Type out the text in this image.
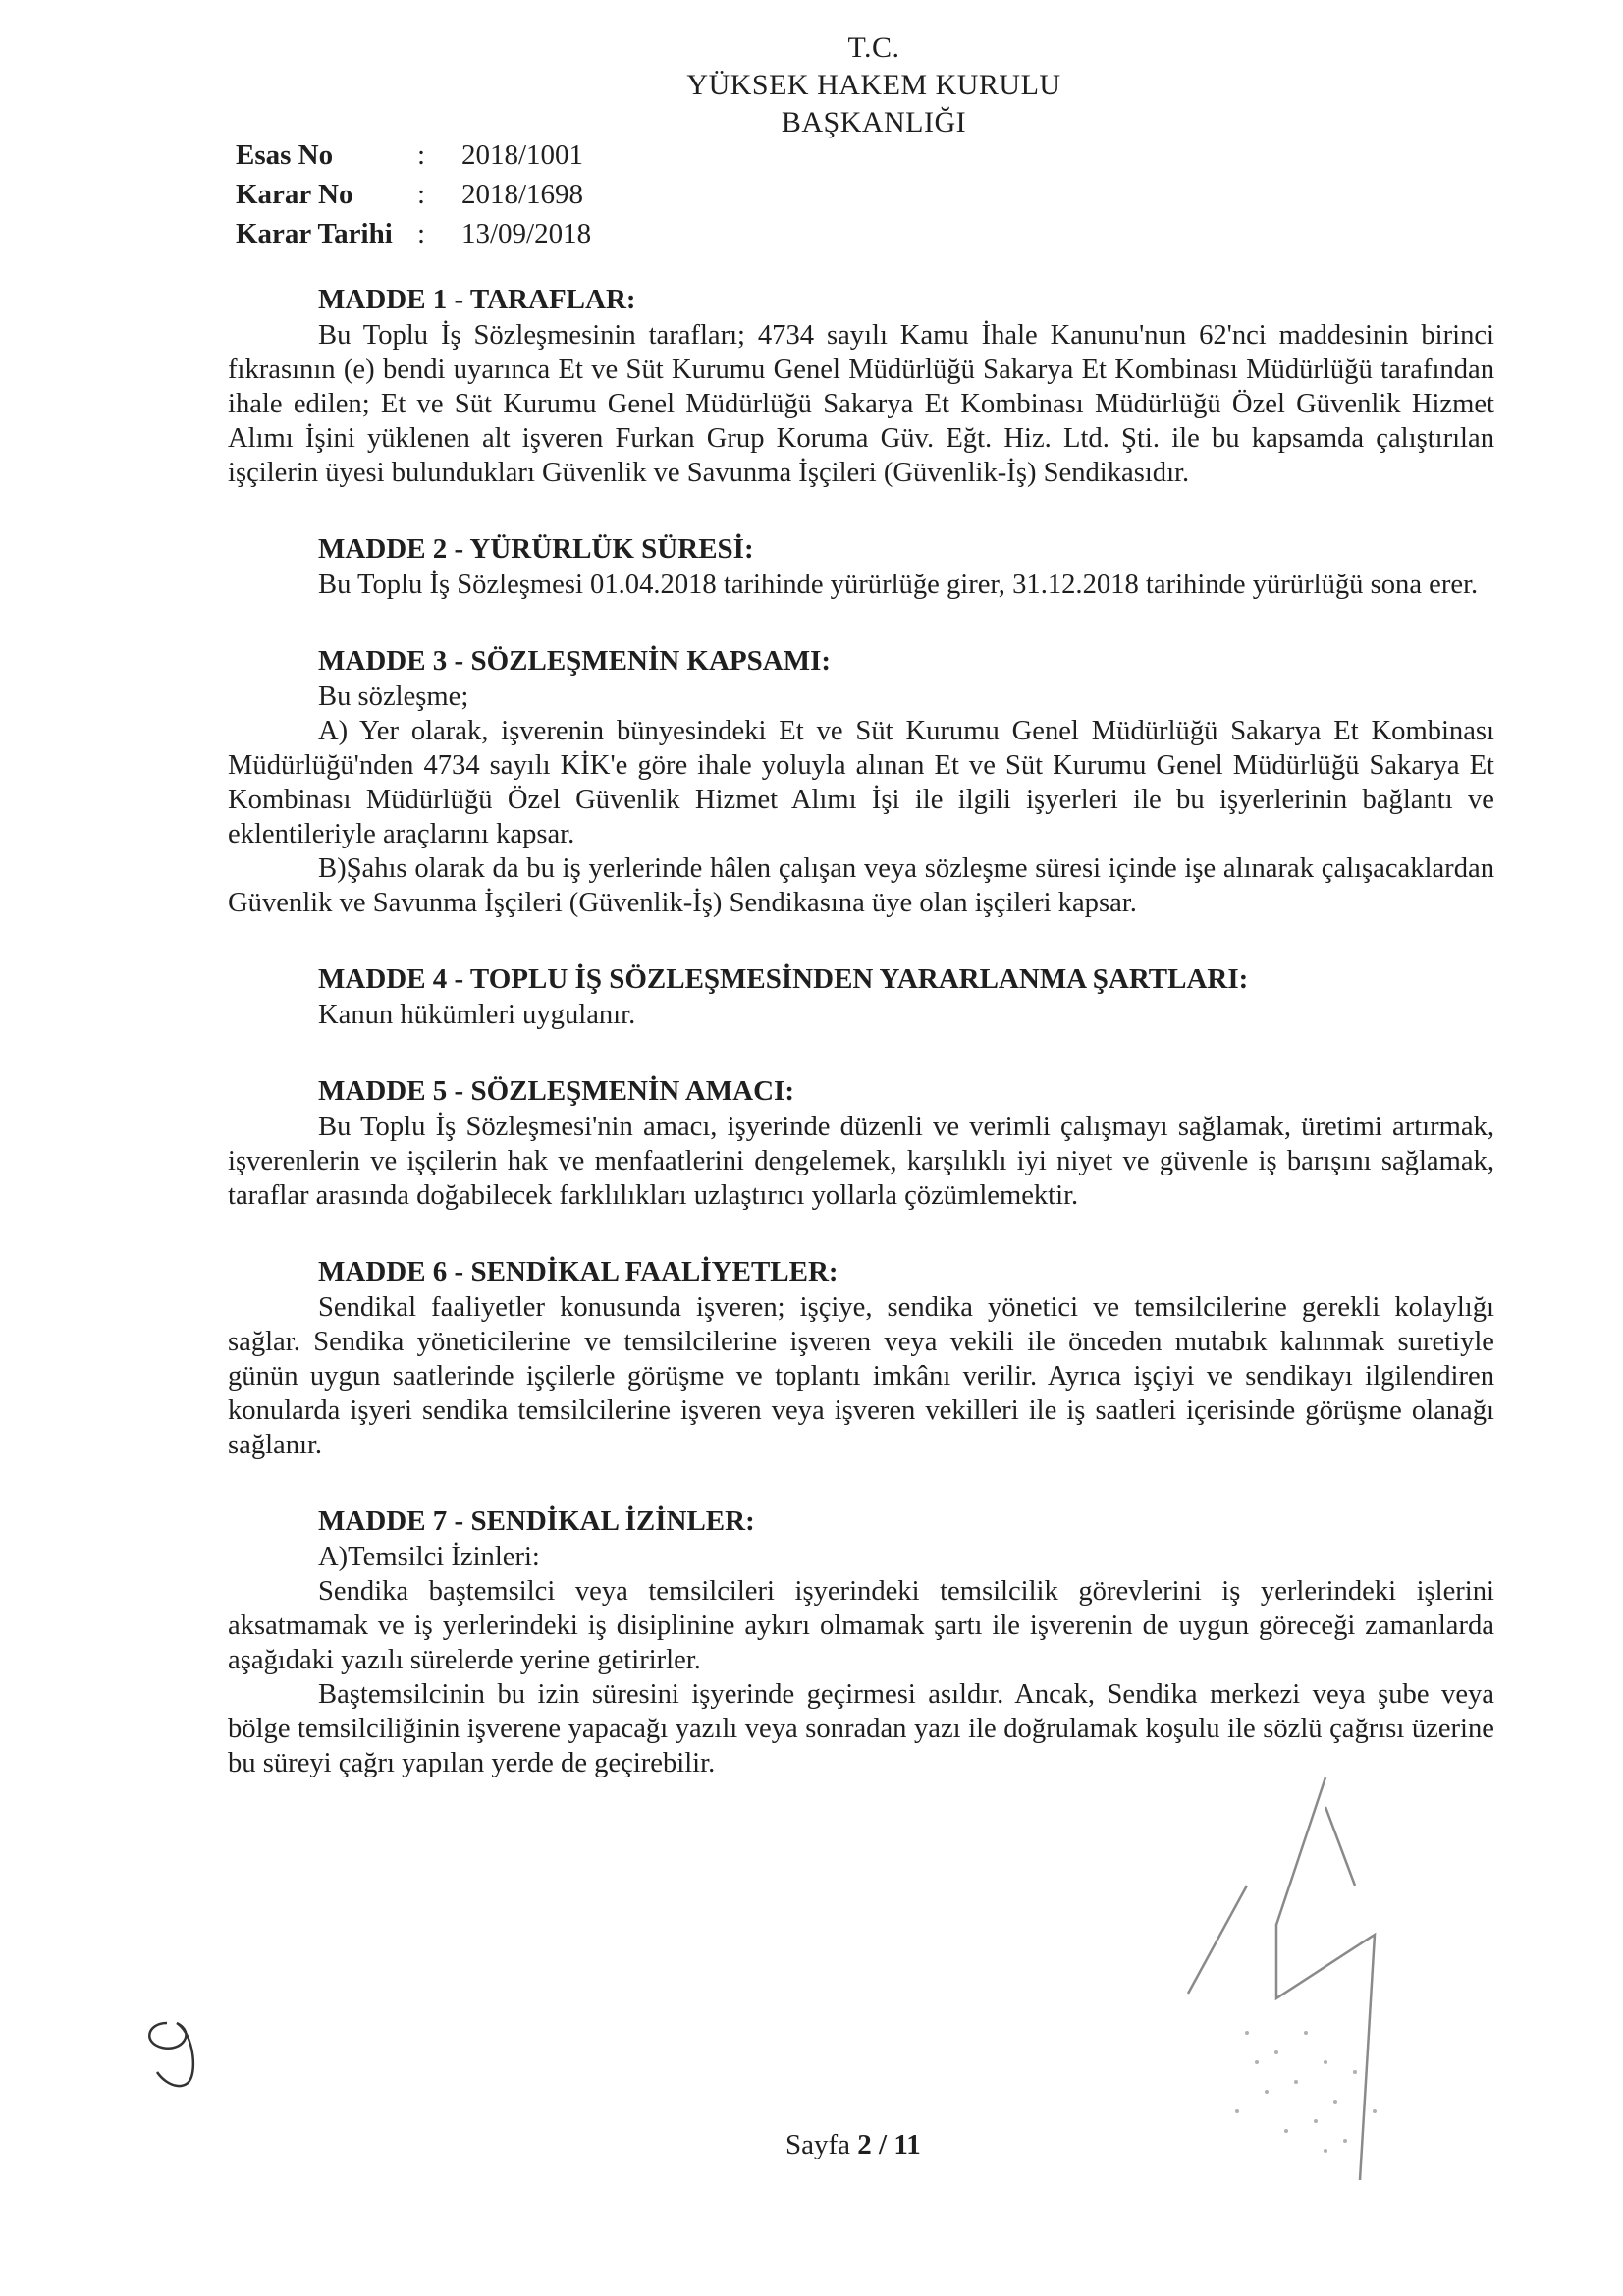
T.C.
YÜKSEK HAKEM KURULU
BAŞKANLIĞI
Esas No	:	2018/1001
Karar No	:	2018/1698
Karar Tarihi :	13/09/2018
MADDE 1 - TARAFLAR:

Bu Toplu İş Sözleşmesinin tarafları; 4734 sayılı Kamu İhale Kanunu'nun 62'nci maddesinin birinci fıkrasının (e) bendi uyarınca Et ve Süt Kurumu Genel Müdürlüğü Sakarya Et Kombinası Müdürlüğü tarafından ihale edilen; Et ve Süt Kurumu Genel Müdürlüğü Sakarya Et Kombinası Müdürlüğü Özel Güvenlik Hizmet Alımı İşini yüklenen alt işveren Furkan Grup Koruma Güv. Eğt. Hiz. Ltd. Şti. ile bu kapsamda çalıştırılan işçilerin üyesi bulundukları Güvenlik ve Savunma İşçileri (Güvenlik-İş) Sendikasıdır.

MADDE 2 - YÜRÜRLÜK SÜRESİ:

Bu Toplu İş Sözleşmesi 01.04.2018 tarihinde yürürlüğe girer, 31.12.2018 tarihinde yürürlüğü sona erer.

MADDE 3 - SÖZLEŞMENİN KAPSAMI:

Bu sözleşme;

A) Yer olarak, işverenin bünyesindeki Et ve Süt Kurumu Genel Müdürlüğü Sakarya Et Kombinası Müdürlüğü'nden 4734 sayılı KİK'e göre ihale yoluyla alınan Et ve Süt Kurumu Genel Müdürlüğü Sakarya Et Kombinası Müdürlüğü Özel Güvenlik Hizmet Alımı İşi ile ilgili işyerleri ile bu işyerlerinin bağlantı ve eklentileriyle araçlarını kapsar.

B)Şahıs olarak da bu iş yerlerinde hâlen çalışan veya sözleşme süresi içinde işe alınarak çalışacaklardan Güvenlik ve Savunma İşçileri (Güvenlik-İş) Sendikasına üye olan işçileri kapsar.

MADDE 4 - TOPLU İŞ SÖZLEŞMESİNDEN YARARLANMA ŞARTLARI:

Kanun hükümleri uygulanır.

MADDE 5 - SÖZLEŞMENİN AMACI:

Bu Toplu İş Sözleşmesi'nin amacı, işyerinde düzenli ve verimli çalışmayı sağlamak, üretimi artırmak, işverenlerin ve işçilerin hak ve menfaatlerini dengelemek, karşılıklı iyi niyet ve güvenle iş barışını sağlamak, taraflar arasında doğabilecek farklılıkları uzlaştırıcı yollarla çözümlemektir.

MADDE 6 - SENDİKAL FAALİYETLER:

Sendikal faaliyetler konusunda işveren; işçiye, sendika yönetici ve temsilcilerine gerekli kolaylığı sağlar. Sendika yöneticilerine ve temsilcilerine işveren veya vekili ile önceden mutabık kalınmak suretiyle günün uygun saatlerinde işçilerle görüşme ve toplantı imkânı verilir. Ayrıca işçiyi ve sendikayı ilgilendiren konularda işyeri sendika temsilcilerine işveren veya işveren vekilleri ile iş saatleri içerisinde görüşme olanağı sağlanır.

MADDE 7 - SENDİKAL İZİNLER:

A)Temsilci İzinleri:

Sendika baştemsilci veya temsilcileri işyerindeki temsilcilik görevlerini iş yerlerindeki işlerini aksatmamak ve iş yerlerindeki iş disiplinine aykırı olmamak şartı ile işverenin de uygun göreceği zamanlarda aşağıdaki yazılı sürelerde yerine getirirler.

Baştemsilcinin bu izin süresini işyerinde geçirmesi asıldır. Ancak, Sendika merkezi veya şube veya bölge temsilciliğinin işverene yapacağı yazılı veya sonradan yazı ile doğrulamak koşulu ile sözlü çağrısı üzerine bu süreyi çağrı yapılan yerde de geçirebilir.

Sayfa 2 / 11
